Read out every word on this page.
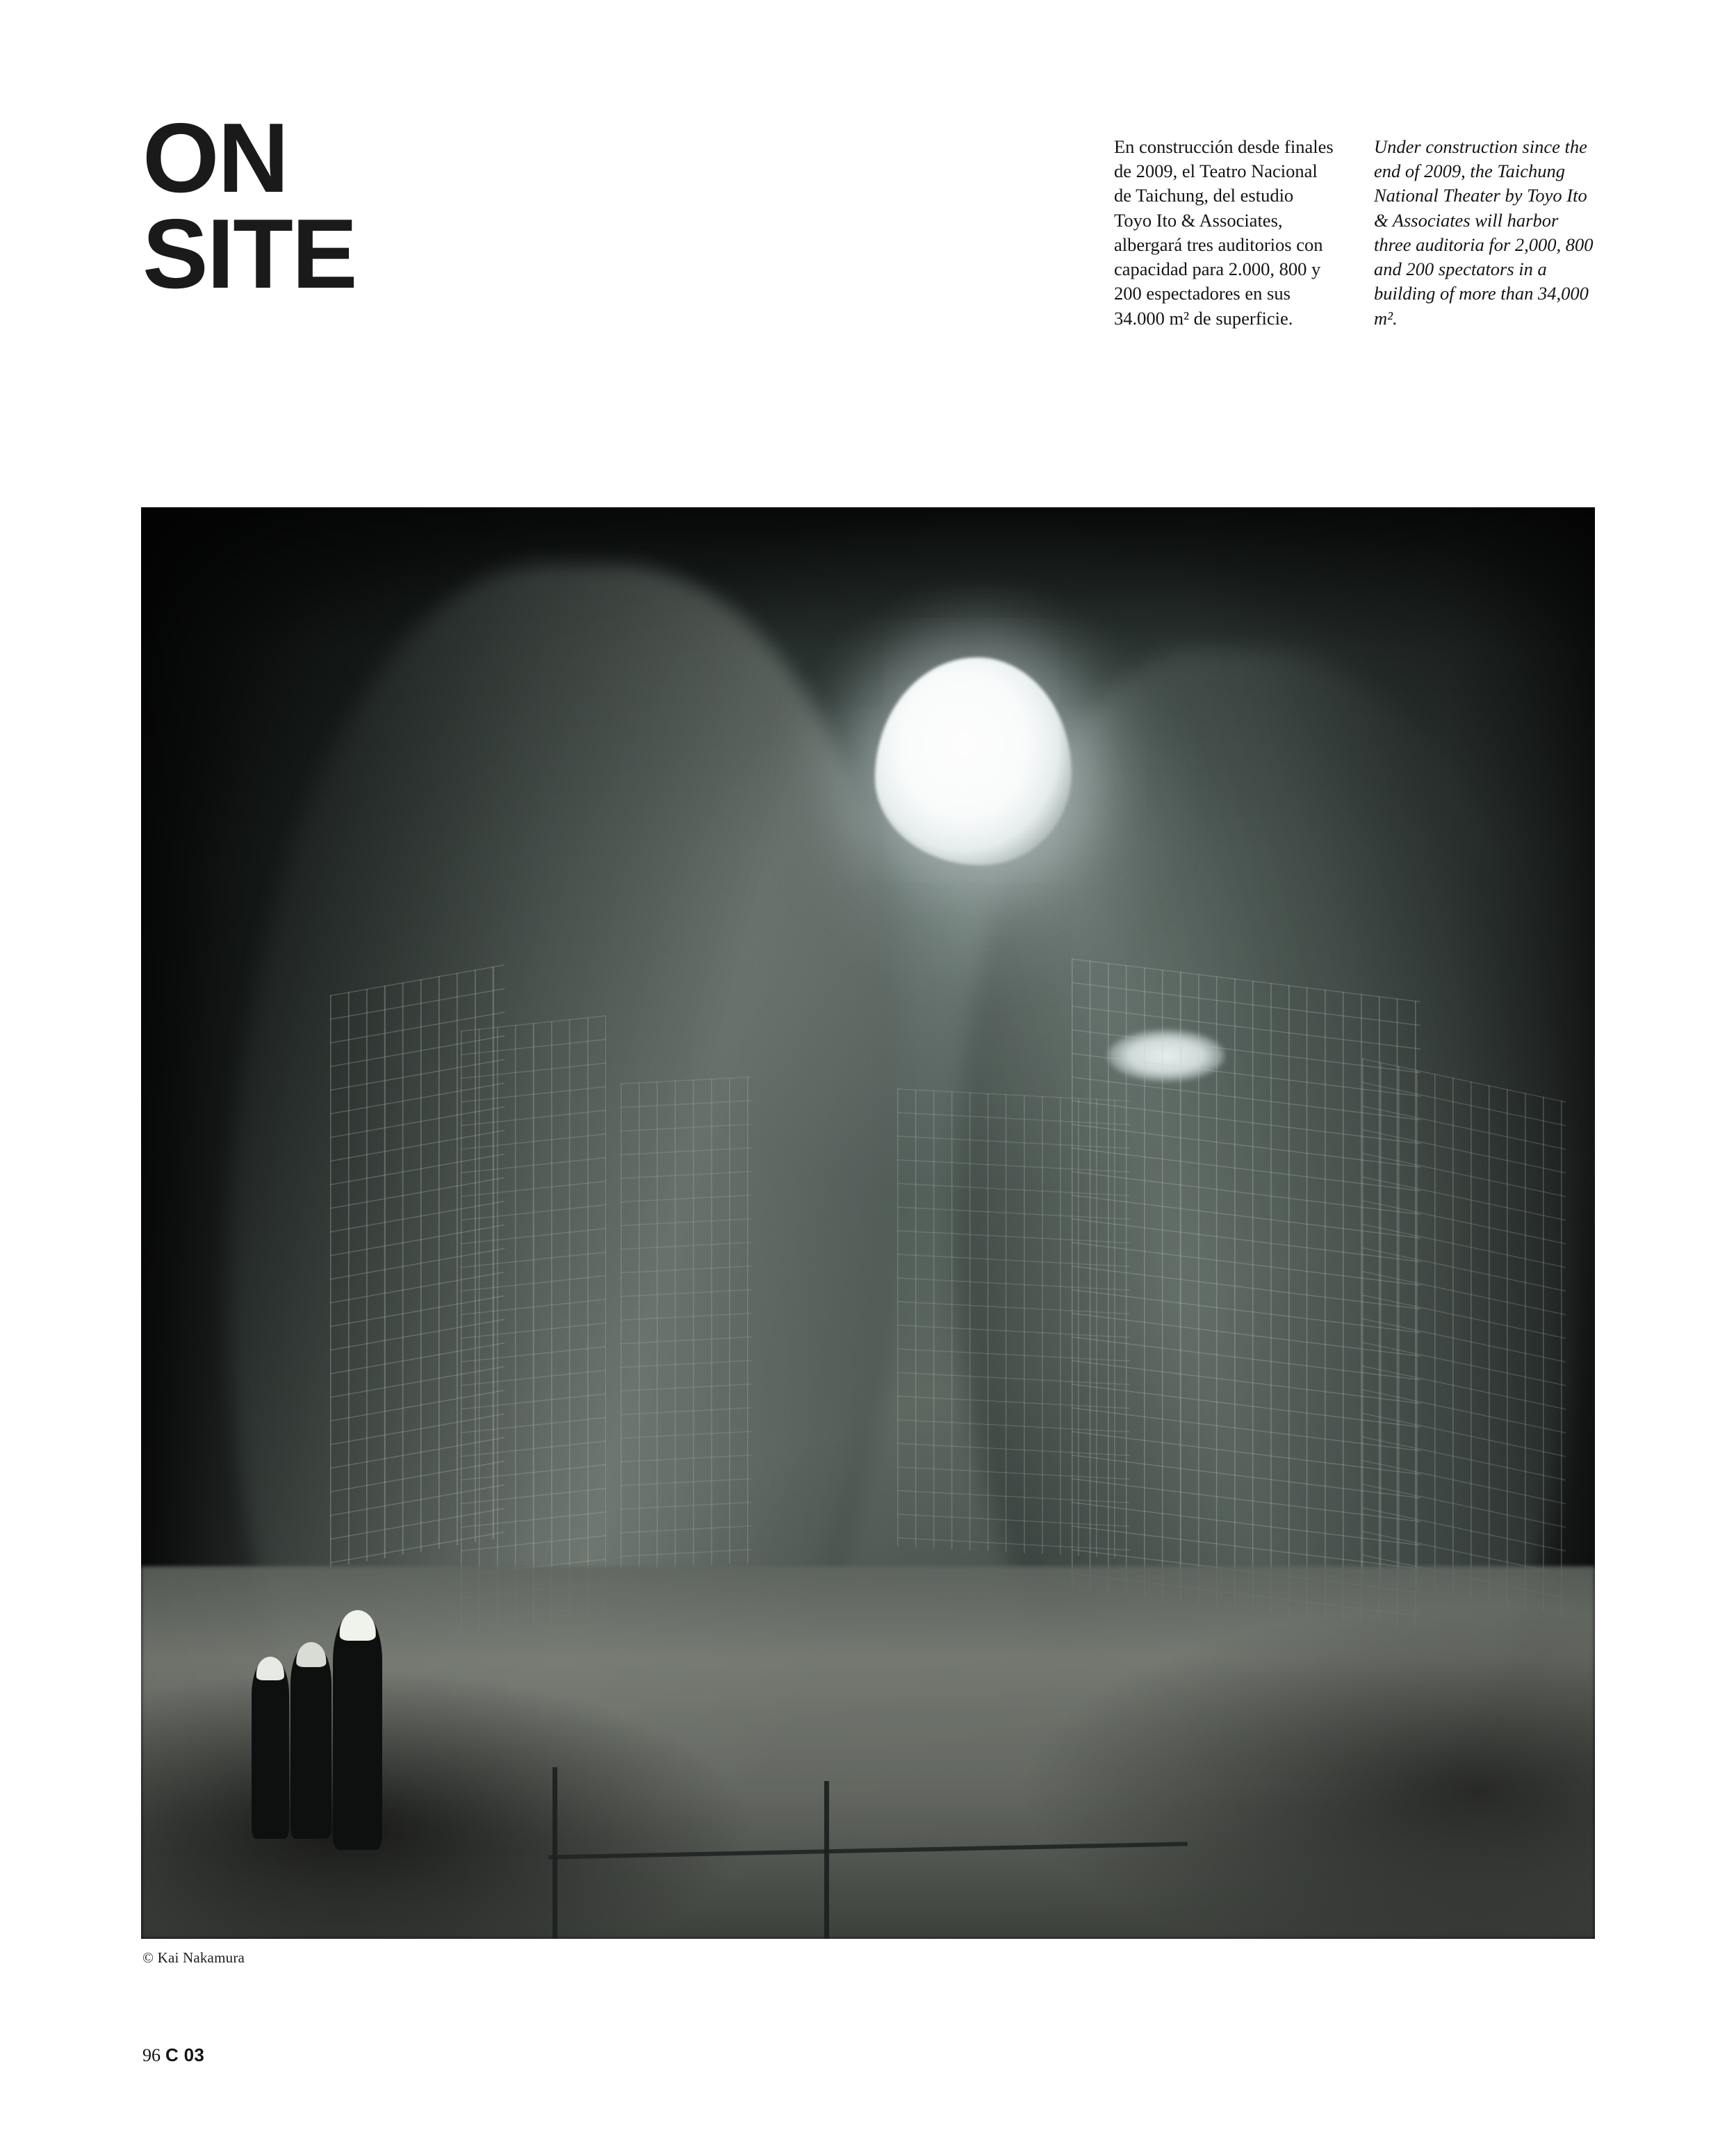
ON
SITE
En construcción desde finales de 2009, el Teatro Nacional de Taichung, del estudio Toyo Ito & Associates, albergará tres auditorios con capacidad para 2.000, 800 y 200 espectadores en sus 34.000 m² de superficie.
Under construction since the end of 2009, the Taichung National Theater by Toyo Ito & Associates will harbor three auditoria for 2,000, 800 and 200 spectators in a building of more than 34,000 m².
© Kai Nakamura
96 C 03
